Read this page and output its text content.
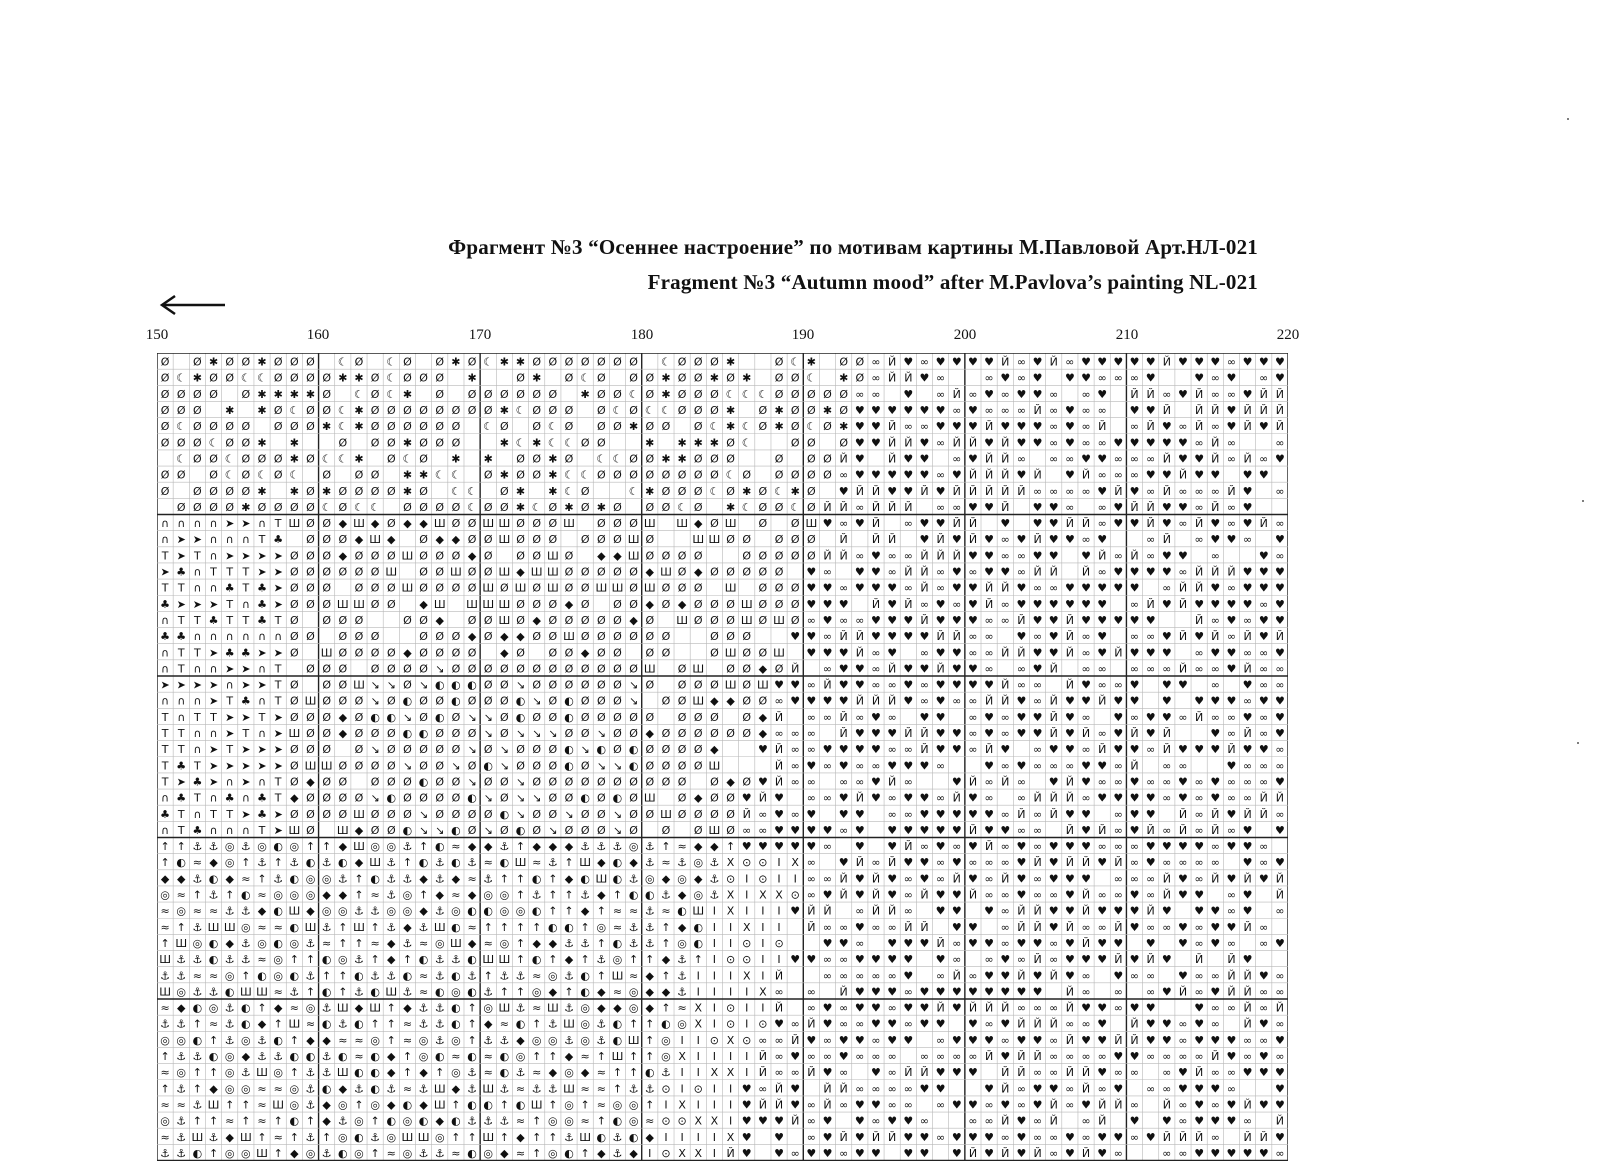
Фрагмент №3 “Осеннее настроение” по мотивам картины М.Павловой Арт.НЛ-021
Fragment №3 “Autumn mood” after M.Pavlova’s painting NL-021
150	160	170	180	190	200	210	220
Ø Ø ✱ Ø Ø ✱ Ø Ø Ø ☾ Ø ☾ Ø Ø ✱ Ø ☾ ✱ ✱ Ø Ø Ø Ø Ø Ø Ø ☾ Ø Ø Ø ✱	Ø ☾ ✱ Ø Ø ∞ Й ♥ ∞ ♥ ♥ ♥ ♥ Й ∞ ♥ Й ∞ ♥ ♥ ♥ ♥ ♥ Й ♥ ♥ ♥ ∞ ♥ ♥ ♥
Ø ☾ ✱ Ø Ø ☾ ☾ Ø Ø Ø Ø ✱ ✱ Ø ☾ Ø Ø Ø ✱	Ø ✱ Ø ☾ Ø Ø Ø ✱ Ø Ø ✱ Ø ✱ Ø Ø ☾ ✱ Ø ∞ Й Й ♥ ∞	∞ ♥ ∞ ♥ ♥ ♥ ∞ ∞ ∞ ♥	♥ ∞ ♥ ∞ ♥
Ø Ø Ø Ø Ø ✱ ✱ ✱ ✱ Ø ☾ Ø ☾ ✱ Ø Ø Ø Ø Ø Ø Ø ✱ Ø Ø ☾ Ø ✱ Ø Ø Ø ☾ ☾ ☾ Ø Ø Ø Ø Ø ∞ ∞ ♥ ∞ Й ∞ ♥ ∞ ♥ ♥ ∞ ∞ ♥ Й Й ∞ ♥ Й ∞ ∞ ♥ Й Й
Ø Ø Ø ✱ ✱ Ø ☾ Ø Ø ☾ ✱ Ø Ø Ø Ø Ø Ø Ø Ø ✱ ☾ Ø Ø Ø Ø ☾ Ø ☾ ☾ Ø Ø Ø ✱ Ø ✱ Ø Ø ✱ Ø ♥ ♥ ♥ ♥ ♥ ♥ ∞ ♥ ∞ ∞ ∞ Й ∞ ♥ ∞ ∞ ♥ ♥ Й Й Й ♥ Й Й Й
Ø ☾ Ø Ø Ø Ø Ø Ø Ø ✱ ☾ ✱ Ø Ø Ø Ø Ø Ø ☾ Ø Ø ☾ Ø Ø Ø ✱ Ø Ø Ø ☾ ✱ ☾ Ø ✱ Ø ☾ Ø ✱ ♥ ♥ Й ∞ ∞ ♥ ♥ ♥ Й ♥ ♥ ♥ ∞ ♥ ∞ Й ∞ Й ♥ ∞ Й ∞ ♥ Й ♥ Й
Ø Ø Ø ☾ Ø Ø ✱ ✱	Ø Ø Ø ✱ Ø Ø Ø	✱ ☾ ✱ ☾ ☾ Ø Ø	✱ ✱ ✱ ✱ Ø ☾	Ø Ø Ø ♥ ♥ Й Й ♥ ∞ Й Й ♥ Й ♥ ♥ ∞ ♥ ∞ ∞ ♥ ♥ ♥ ♥ ♥ ∞ Й ∞	∞
☾ Ø Ø ☾ Ø Ø Ø ✱ Ø ☾ ☾ ✱ Ø ☾ Ø ✱ ✱ Ø Ø ✱ Ø ☾ ☾ Ø Ø ✱ ✱ Ø Ø Ø	Ø Ø Ø Й ♥ Й ♥ ♥ ∞ ♥ Й Й ∞ ∞ ∞ ♥ ♥ ∞ ∞ ∞ Й ♥ ♥ Й ∞ Й ∞ ♥
Ø Ø Ø ☾ Ø ☾ Ø ☾ Ø Ø Ø ✱ ✱ ☾ ☾ Ø ✱ Ø Ø ✱ ☾ ☾ Ø Ø Ø Ø Ø Ø Ø Ø ☾ Ø Ø Ø Ø Ø ∞ ♥ ♥ ♥ ♥ ♥ ∞ ♥ Й Й Й ♥ Й ♥ Й ∞ ∞ ∞ ♥ ♥ Й ♥ ♥ ♥ ♥
Ø Ø Ø Ø Ø ✱ ✱ Ø ✱ Ø Ø Ø Ø ✱ Ø ☾ ☾ Ø ✱ ✱ ☾ Ø	☾ ✱ Ø Ø Ø ☾ Ø ✱ Ø ☾ ✱ Ø ♥ Й Й ♥ ♥ Й ♥ Й Й Й Й Й ∞ ∞ ∞ ∞ ♥ Й ♥ ∞ Й ∞ ∞ ∞ Й ♥ ∞
Ø Ø Ø Ø ✱ Ø Ø Ø Ø ☾ Ø ☾ ☾ Ø Ø Ø Ø ☾ Ø Ø ✱ ☾ Ø ✱ Ø ✱ Ø Ø Ø ☾ Ø ✱ ☾ Ø Ø ☾ Ø Й Й ∞ Й Й Й ∞ ∞ ♥ ♥ Й ♥ ♥ ∞ ∞ ♥ Й Й ♥ ♥ ∞ Й ∞ ♥
∩ ∩ ∩ ∩ ➤ ➤ ∩ T Ш Ø Ø ◆ Ш ◆ Ø ◆ ◆ Ш Ø Ø Ш Ш Ø Ø Ø Ш Ø Ø Ø Ш Ш ◆ Ø Ш Ø Ø Ш ♥ ∞ ♥ Й ∞ ♥ ♥ Й Й ♥ ♥ ♥ Й Й ∞ ♥ ♥ Й ♥ ∞ Й ♥ ∞ ♥ Й ∞
∩ ➤ ➤ ∩ ∩ ∩ T ♣ Ø Ø Ø ◆ Ш ◆ Ø ◆ ◆ Ø Ø Ш Ø Ø Ø Ø Ø Ø Ш Ø	Ш Ш Ø Ø Ø Ø Ø Й Й Й ♥ Й ♥ Й ♥ ∞ ♥ Й ♥ ♥ ∞ ♥	∞ Й ∞ ♥ ♥ ∞ ♥
T ➤ T ∩ ➤ ➤ ➤ ➤ Ø Ø Ø ◆ Ø Ø Ø Ш Ø Ø Ø ◆ Ø Ø Ø Ш Ø ◆ ◆ Ш Ø Ø Ø Ø	Ø Ø Ø Ø Ø Й Й ∞ ♥ ∞ ∞ Й Й Й ♥ ♥ ∞ ∞ ♥ ♥ ♥ Й ∞ Й ∞ ♥ ♥ ∞	♥ ∞
➤ ♣ ∩ T T T ➤ ➤ Ø Ø Ø Ø Ø Ø Ш Ø Ø Ш Ø Ø Ш ◆ Ш Ш Ø Ø Ø Ø Ø ◆ Ш Ø ◆ Ø Ø Ø Ø Ø ♥ ∞ ♥ ♥ ∞ Й Й ∞ ♥ ∞ ♥ ♥ ∞ Й Й Й ∞ ♥ ♥ ♥ ♥ ∞ Й Й Й ♥ ♥ ♥
T T ∩ ∩ ♣ T ♣ ➤ Ø Ø Ø Ø Ø Ø Ш Ø Ø Ø Ø Ш Ø Ш Ø Ш Ø Ø Ш Ш Ø Ш Ø Ø Ø Ш Ø Ø Ø ♥ ♥ ∞ ♥ ♥ ♥ ∞ Й ∞ ♥ ♥ Й Й ♥ ∞ ∞ ♥ ♥ ♥ ♥ ♥ ∞ Й Й ♥ ∞ ♥ ♥ ♥
♣ ➤ ➤ ➤ T ∩ ♣ ➤ Ø Ø Ø Ш Ш Ø Ø ◆ Ш Ш Ш Ш Ø Ø Ø ◆ Ø Ø Ø ◆ Ø ◆ Ø Ø Ø Ш Ø Ø Ø ♥ ♥ ♥ Й ♥ Й ∞ ♥ ∞ ♥ Й ∞ ♥ ♥ ♥ ♥ ♥ ♥ ∞ Й ♥ Й ♥ ♥ ♥ ♥ ∞ ♥
∩ T T ♣ T T ♣ T Ø Ø Ø Ø	Ø Ø ◆ Ø Ø Ш Ø ◆ Ø Ø Ø Ø Ø ◆ Ø Ш Ø Ø Ø Ш Ø Ш Ø ∞ ♥ ∞ ∞ ♥ ♥ ♥ Й ♥ ♥ ♥ ∞ ∞ Й ♥ ♥ Й ♥ ♥ ♥ ♥ ♥	Й ∞ ♥ ∞ ♥ ♥
♣ ♣ ∩ ∩ ∩ ∩ ∩ ∩ Ø Ø Ø Ø Ø	Ø Ø Ø ◆ Ø ◆ ◆ Ø Ø Ш Ø Ø Ø Ø Ø Ø	Ø Ø Ø	♥ ♥ ∞ Й Й ♥ ♥ ♥ ♥ Й Й ∞ ∞ ♥ ∞ ♥ Й ∞ ♥ ∞ ∞ ♥ Й ♥ Й ∞ Й ♥ Й
∩ T T ➤ ♣ ♣ ➤ ➤ Ø Ш Ø Ø Ø Ø ◆ Ø Ø Ø Ø ◆ Ø Ø Ø ◆ Ø Ø Ø Ø	Ø Ш Ø Ø Ш ♥ ♥ ♥ Й ∞ ♥ ∞ ♥ ♥ ∞ ∞ Й Й ♥ ♥ Й ∞ ♥ Й ♥ ♥ ♥ ∞ ♥ ♥ ∞ ∞ ♥
∩ T ∩ ∩ ➤ ➤ ∩ T Ø Ø Ø Ø Ø Ø Ø ↘ Ø Ø Ø Ø Ø Ø Ø Ø Ø Ø Ø Ø Ш Ø Ш Ø Ø ◆ Ø Й ∞ ♥ ♥ ∞ Й ♥ ♥ Й ♥ ♥ ∞ ∞ ♥ Й ∞ ∞ ∞ ∞ ∞ Й ∞ ∞ ♥ Й ∞ ∞
➤ ➤ ➤ ➤ ∩ ➤ ➤ T Ø Ø Ø Ш ↘ ↘ Ø ↘ ◐ ◐ ◐ Ø Ø ↘ Ø Ø Ø Ø Ø Ø ↘ Ø Ø Ø Ø Ш Ø Ш ♥ ♥ ∞ Й ♥ ♥ ∞ ∞ ♥ ∞ ♥ ♥ ♥ ♥ Й ∞ ∞ Й ♥ ∞ ∞ ♥ ♥ ♥ ∞ ♥ ∞ ∞
∩ ∩ ∩ ➤ T ♣ ∩ T Ø Ш Ø Ø Ø ↘ Ø ◐ Ø Ø ◐ Ø Ø Ø ◐ ↘ Ø ◐ Ø Ø Ø ↘ Ø Ø Ш ◆ ◆ Ø Ø ∞ ♥ ♥ ♥ ♥ Й Й Й ♥ ∞ ♥ ∞ ∞ Й Й ♥ ∞ Й ♥ ♥ Й ♥ ♥ ♥ ♥ ♥ ♥ ∞ ♥ ♥
T ∩ T T ➤ ➤ T ➤ Ø Ø Ø ◆ Ø ◐ ◐ ↘ Ø ◐ Ø ↘ ↘ Ø ◐ Ø Ø ◐ Ø Ø Ø Ø Ø Ø Ø Ø Ø ◆ Й ∞ ∞ Й ∞ ♥ ∞ ♥ ♥ ∞ ♥ ∞ ♥ ♥ Й ♥ ∞ ♥ ∞ ♥ ♥ ∞ Й ∞ ∞ ♥ ∞ ♥
T T ∩ ∩ ➤ T ∩ ➤ Ш Ø Ø ◆ Ø Ø Ø ◐ ◐ Ø Ø Ø ↘ Ø ↘ ↘ ↘ Ø Ø ↘ Ø Ø ◆ Ø Ø Ø Ø Ø Ø ◆ ∞ ∞ ∞ Й ♥ ♥ ♥ Й Й ♥ ♥ ∞ ♥ ∞ ♥ ♥ Й ♥ Й ∞ ♥ Й ♥ Й	♥ ∞ Й ∞ ♥
T T ∩ ➤ T ➤ ➤ ➤ Ø Ø Ø Ø ↘ Ø Ø Ø Ø Ø ↘ Ø ↘ Ø Ø Ø ◐ ↘ ◐ Ø ◐ Ø Ø Ø Ø ◆	♥ Й ∞ ∞ ♥ ♥ ♥ ♥ ∞ ∞ Й ♥ ♥ ∞ Й ♥ ∞ ♥ ♥ ∞ Й ♥ ♥ ∞ Й ♥ ♥ ♥ Й ♥ ♥ ∞
T ♣ T ➤ ➤ ➤ ➤ ➤ Ø Ш Ш Ø Ø Ø Ø ↘ Ø Ø ↘ Ø ◐ ↘ Ø Ø Ø ◐ Ø ↘ ↘ ◐ Ø Ø Ø Ø Ш	Й ∞ ♥ ∞ ♥ ∞ ∞ ♥ ♥ ♥ ∞	♥ ∞ ♥ ∞ ∞ ∞ ♥ ♥ ∞ Й ∞ ∞	♥ ∞ ∞ ∞
T ➤ ♣ ➤ ∩ ➤ ∩ T Ø ◆ Ø Ø Ø Ø Ø ◐ Ø Ø ↘ Ø Ø ↘ Ø Ø Ø Ø Ø Ø Ø Ø Ø Ø Ø ◆ Ø ♥ Й ∞ ∞ ∞ ∞ ♥ Й ∞	♥ Й ∞ Й ∞ ♥ Й ♥ ∞ ∞ ♥ ∞ ∞ ♥ ∞ ♥ ∞ ∞ ∞ ♥
∩ ♣ T ∩ ♣ ∩ ♣ T ◆ Ø Ø Ø Ø ↘ ◐ Ø Ø Ø Ø ◐ ↘ Ø ↘ ↘ Ø Ø ◐ Ø ◐ Ø Ш Ø ◆ Ø Ø ♥ Й ♥ ∞ ∞ ♥ Й ♥ ∞ ♥ ♥ ∞ Й ♥ ∞ ∞ Й Й Й ∞ ♥ ♥ ♥ ♥ ∞ ♥ ∞ ♥ ∞ ∞ Й Й
♣ T ∩ T T ➤ ♣ ➤ Ø Ø Ø Ø Ш Ø Ø Ø ↘ Ø Ø Ø Ø ◐ ↘ Ø Ø ↘ Ø Ø ↘ Ø Ø Ш Ø Ø Ø Ø Й ∞ ♥ ∞ ♥ ♥ ♥ ∞ ∞ ♥ ♥ ♥ ♥ ♥ ∞ Й ∞ Й ♥ ♥ ∞ ♥ ♥ Й ∞ Й ♥ Й Й ∞
∩ T ♣ ∩ ∩ ∩ T ➤ Ш Ø Ш ◆ Ø Ø ◐ ↘ ↘ ◐ Ø ↘ Ø ◐ Ø ↘ Ø Ø Ø ↘ Ø Ø Ø Ш Ø ∞ ∞ ♥ ♥ ♥ ♥ ∞ ♥ ♥ ♥ ♥ ♥ ♥ Й ♥ ♥ ∞ ∞ Й ♥ Й ∞ ♥ Й ∞ Й ∞ Й ∞ ♥ ♥
↑ ↑ ⚓ ⚓ ◎ ⚓ ◎ ◐ ◎ ↑ ↑ ◆ Ш ◎ ◎ ⚓ ↑ ◐ ≈ ◆ ◆ ⚓ ↑ ◆ ◆ ◆ ⚓ ⚓ ⚓ ◎ ⚓ ↑ ≈ ◆ ◆ ↑ ♥ ♥ ♥ ♥ ♥ ∞ ♥ ♥ Й ∞ ♥ ∞ ♥ Й ∞ ♥ ∞ ♥ ♥ ♥ ∞ ∞ ∞ ♥ ♥ ♥ ♥ ∞ ♥ ♥ ∞
↑ ◐ ≈ ◆ ◎ ↑ ⚓ ↑ ⚓ ◐ ⚓ ◐ ◆ Ш ⚓ ↑ ◐ ⚓ ◐ ⚓ ≈ ◐ Ш ≈ ⚓ ↑ Ш ◆ ◐ ◆ ⚓ ≈ ⚓ ◎ ⚓ X ⊙ ⊙ I X ∞ ♥ Й ∞ Й ♥ ♥ ∞ ♥ ∞ ∞ ∞ ♥ Й ♥ Й Й ♥ Й ∞ ♥ ∞ ∞ ∞ ∞ ♥ ∞ ♥
◆ ◆ ⚓ ◐ ◆ ≈ ↑ ⚓ ◐ ◎ ◎ ⚓ ↑ ◐ ⚓ ⚓ ◆ ⚓ ◆ ≈ ⚓ ↑ ↑ ◐ ↑ ◆ ◐ Ш ◐ ⚓ ◎ ◆ ◎ ◆ ⚓ ⊙ I ⊙ I I ∞ ∞ Й ♥ Й ♥ ∞ ♥ ∞ Й ♥ ∞ Й ♥ ∞ ♥ ♥ ♥ ∞ ∞ ∞ Й ♥ ∞ Й ♥ Й ♥ Й
◎ ≈ ↑ ⚓ ↑ ◐ ≈ ◎ ◎ ◎ ◆ ◆ ↑ ≈ ⚓ ◎ ↑ ◆ ≈ ◆ ◎ ◎ ↑ ⚓ ↑ ↑ ⚓ ◆ ↑ ◐ ◐ ⚓ ◆ ◎ ⚓ X I X X ⊙ ∞ ♥ Й ♥ Й ♥ ∞ Й ♥ ♥ Й ∞ ∞ ♥ ∞ ∞ ♥ Й ∞ ∞ ♥ ∞ Й ♥ ♥ ∞ ♥ Й
≈ ◎ ≈ ≈ ⚓ ⚓ ◆ ◐ Ш ◆ ◎ ◎ ⚓ ⚓ ◎ ◎ ◆ ⚓ ◎ ◐ ◐ ◎ ◎ ◐ ↑ ↑ ◆ ↑ ≈ ≈ ⚓ ≈ ◐ Ш I X I I I ♥ Й Й ∞ Й Й ∞ ♥ ♥ ♥ ∞ Й Й ♥ ♥ Й ♥ ♥ ♥ Й ♥ ♥ ♥ ∞ ♥ ∞
≈ ↑ ⚓ Ш Ш ◎ ≈ ≈ ◐ Ш ⚓ ↑ Ш ↑ ⚓ ◆ ⚓ Ш ◐ ≈ ↑ ↑ ↑ ↑ ◐ ◐ ↑ ◎ ≈ ⚓ ⚓ ↑ ◆ ◐ I I X I I Й ∞ ∞ ♥ ∞ ∞ Й Й ♥ ♥ ∞ Й Й ♥ Й ∞ ∞ Й ♥ ∞ ∞ ♥ ∞ ♥ ♥ Й ∞
↑ Ш ◎ ◐ ◆ ⚓ ◎ ◐ ◎ ⚓ ≈ ↑ ↑ ≈ ◆ ⚓ ≈ ◎ Ш ◆ ≈ ◎ ↑ ◆ ◆ ⚓ ⚓ ↑ ◐ ⚓ ⚓ ↑ ◎ ◐ I I ⊙ I ⊙	♥ ♥ ∞ ♥ ♥ ♥ Й ∞ ♥ ♥ ∞ ♥ ♥ ∞ ♥ Й ♥ ♥ ♥ ♥ ∞ ♥ ∞ ∞ ♥
Ш ⚓ ⚓ ◐ ⚓ ⚓ ≈ ◎ ↑ ↑ ◐ ◎ ⚓ ↑ ◆ ↑ ◐ ⚓ ⚓ ◐ Ш Ш ↑ ◐ ↑ ◆ ↑ ⚓ ◎ ↑ ↑ ◆ ⚓ ↑ I ⊙ ⊙ I I ♥ ♥ ∞ ∞ ♥ ♥ ♥ ♥ ♥ ∞ ∞ ♥ ∞ Й ∞ ♥ ♥ ♥ Й ♥ Й ♥ Й Й ♥
⚓ ⚓ ≈ ≈ ◎ ↑ ◐ ◎ ◐ ⚓ ↑ ↑ ◐ ⚓ ⚓ ◐ ≈ ⚓ ◐ ⚓ ↑ ⚓ ⚓ ≈ ◎ ⚓ ◐ ↑ Ш ≈ ◆ ↑ ⚓ I I I X I Й	∞ ∞ ∞ ∞ ∞ ♥ ∞ Й ∞ ♥ ♥ Й ♥ Й ♥ ∞ ♥ ∞ ∞ ♥ ∞ ∞ Й Й ♥ ∞
Ш ◎ ⚓ ⚓ ◐ Ш Ш ≈ ⚓ ↑ ◐ ↑ ⚓ ◐ Ш ⚓ ≈ ◐ ◎ ◐ ⚓ ↑ ↑ ◎ ◆ ↑ ◐ ◆ ≈ ◎ ◆ ◆ ⚓ I I I I X ∞ ∞ Й ♥ ♥ ♥ ∞ ♥ ♥ ♥ ♥ ♥ ♥ ♥ ♥ Й ∞ ∞ ∞ ♥ Й ∞ ♥ Й Й ∞ ∞
≈ ◆ ◐ ◎ ⚓ ◐ ↑ ◆ ≈ ◎ ⚓ Ш ◆ Ш ↑ ◆ ⚓ ⚓ ◐ ↑ ◎ Ш ⚓ ≈ Ш ⚓ ◎ ◆ ◆ ◎ ◆ ↑ ≈ X I ⊙ I I Й ∞ ♥ ∞ ♥ ♥ ∞ ♥ ♥ Й ♥ Й Й Й ∞ ∞ ∞ Й ♥ ♥ ∞ ♥ ♥	♥ ∞ ∞ Й ∞ Й
⚓ ⚓ ↑ ≈ ⚓ ◐ ◆ ↑ Ш ≈ ◐ ⚓ ◐ ↑ ↑ ≈ ⚓ ⚓ ◐ ↑ ◆ ≈ ◐ ↑ ⚓ Ш ◎ ⚓ ◐ ↑ ↑ ◐ ◎ X I ⊙ I ⊙ ♥ ∞ Й ♥ ∞ ∞ ♥ ♥ ∞ ♥ ♥ ♥ ∞ ♥ Й Й Й ∞ ∞ ♥ Й ♥ ♥ ∞ ♥ ∞ Й ♥ ∞
◎ ◎ ◐ ↑ ⚓ ◎ ⚓ ◐ ↑ ◆ ◆ ≈ ≈ ◎ ↑ ≈ ◎ ⚓ ◎ ↑ ⚓ ⚓ ◆ ◎ ◎ ⚓ ◎ ⚓ ◐ Ш ↑ ◎ I I ⊙ X ⊙ ∞ ∞ Й ♥ ∞ ♥ ♥ ∞ ♥ ♥ ∞ ♥ ♥ ♥ ∞ ♥ ♥ ∞ Й ♥ ♥ Й Й ♥ ♥ ∞ ♥ ♥ ♥ ∞ ∞ ♥
↑ ⚓ ⚓ ◐ ◎ ◆ ⚓ ⚓ ◐ ◐ ⚓ ◐ ≈ ◐ ◆ ↑ ◎ ◐ ≈ ◐ ≈ ◐ ◎ ↑ ↑ ◆ ≈ ↑ Ш ↑ ↑ ◎ X I I I I Й ∞ ♥ ∞ ∞ ♥ ∞ ∞ ∞ ∞ ∞ ∞ ∞ Й ♥ Й Й ∞ ∞ ∞ ∞ ♥ ♥ ∞ ∞ ∞ ∞ Й ♥ ∞ ♥ ∞
≈ ◎ ↑ ↑ ◎ ⚓ Ш ◎ ↑ ⚓ ⚓ Ш ◐ ◐ ◆ ↑ ◆ ↑ ◎ ⚓ ≈ ◐ ⚓ ≈ ◆ ◎ ◆ ≈ ↑ ↑ ◐ ⚓ I I X X I Й ∞ ∞ Й ♥ ∞ ♥ ∞ Й Й ♥ ♥ ♥ Й Й ∞ ∞ Й Й ♥ ∞ ∞ ∞ ♥ Й ∞ ∞ ♥ ♥ ♥
↑ ⚓ ↑ ◆ ◎ ◎ ≈ ≈ ◎ ⚓ ◐ ◆ ⚓ ◐ ⚓ ≈ ⚓ Ш ◆ ⚓ Ш ⚓ ≈ ⚓ ⚓ Ш ≈ ≈ ↑ ⚓ ⚓ ⊙ I ⊙ I I ♥ ∞ Й ♥ Й Й ∞ ∞ ∞ ∞ ♥ ♥	♥ Й ∞ ♥ ♥ ∞ Й ∞ ♥ ∞ ∞ ♥ ♥ ♥ ∞	♥
≈ ≈ ⚓ Ш ↑ ↑ ≈ Ш ◎ ⚓ ◆ ◎ ↑ ◎ ◆ ◐ ◆ Ш ↑ ◐ ◐ ↑ ◐ Ш ↑ ◎ ↑ ≈ ◎ ◎ ↑ I X I I I ♥ Й Й ♥ ∞ Й ∞ ♥ ♥ ∞ ∞ ∞ ♥ ♥ ∞ ♥ ∞ ♥ Й ∞ ♥ Й Й ∞ Й ∞ ♥ ∞ ♥ Й ♥ ♥
◎ ⚓ ↑ ↑ ≈ ↑ ≈ ↑ ◐ ↑ ◆ ⚓ ◎ ↑ ◐ ◎ ◐ ◆ ◐ ⚓ ⚓ ⚓ ≈ ↑ ◎ ◎ ≈ ↑ ◐ ◎ ≈ ⊙ ⊙ X X I ♥ ♥ ♥ Й ∞ ♥ ♥ ∞ ♥ ♥ ∞	∞ ∞ Й ♥ ∞ Й ∞ Й ♥ ♥ ∞ ♥ ♥ ♥ ∞ Й
≈ ⚓ Ш ⚓ ◆ Ш ↑ ≈ ↑ ⚓ ↑ ◎ ◐ ⚓ ◎ Ш Ш ◎ ↑ ↑ Ш ↑ ◆ ↑ ↑ ⚓ Ш ◐ ⚓ ◐ ◆ I I I I X ♥ ♥ ∞ ♥ Й ♥ Й Й ♥ ♥ ∞ ♥ ♥ ♥ ∞ ♥ ∞ ∞ ♥ ∞ ♥ ♥ ∞ ♥ Й Й Й ∞ Й Й ♥
⚓ ⚓ ◐ ↑ ◎ ◎ Ш ↑ ◆ ◎ ⚓ ◐ ◎ ↑ ≈ ◎ ⚓ ⚓ ≈ ◐ ◎ ◆ ≈ ↑ ◎ ◐ ↑ ◆ ⚓ ◆ I ⊙ X X I Й ♥ ♥ ∞ ♥ ♥ ∞ ♥ ♥ ♥ ♥ ♥ Й ♥ Й ♥ Й ∞ ♥ Й ♥ ∞	∞ ∞ ♥ ♥ ♥ ♥ ♥ ∞
